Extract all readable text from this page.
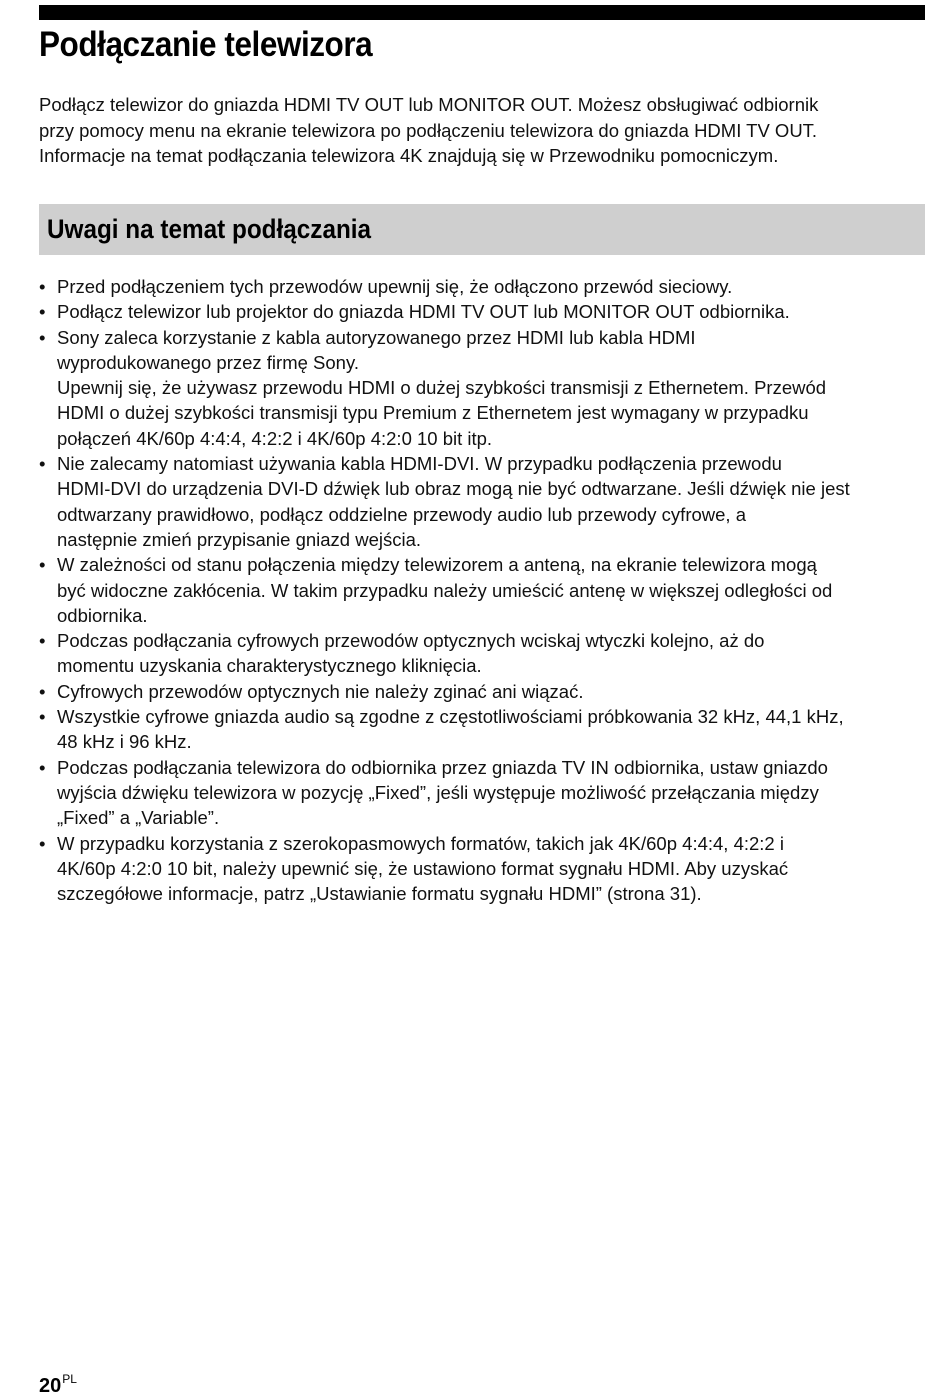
Podłączanie telewizora

Podłącz telewizor do gniazda HDMI TV OUT lub MONITOR OUT. Możesz obsługiwać odbiornik
przy pomocy menu na ekranie telewizora po podłączeniu telewizora do gniazda HDMI TV OUT.
Informacje na temat podłączania telewizora 4K znajdują się w Przewodniku pomocniczym.

Uwagi na temat podłączania
• Przed podłączeniem tych przewodów upewnij się, że odłączono przewód sieciowy.
• Podłącz telewizor lub projektor do gniazda HDMI TV OUT lub MONITOR OUT odbiornika.
• Sony zaleca korzystanie z kabla autoryzowanego przez HDMI lub kabla HDMI
wyprodukowanego przez firmę Sony.
Upewnij się, że używasz przewodu HDMI o dużej szybkości transmisji z Ethernetem. Przewód
HDMI o dużej szybkości transmisji typu Premium z Ethernetem jest wymagany w przypadku
połączeń 4K/60p 4:4:4, 4:2:2 i 4K/60p 4:2:0 10 bit itp.
• Nie zalecamy natomiast używania kabla HDMI-DVI. W przypadku podłączenia przewodu
HDMI-DVI do urządzenia DVI-D dźwięk lub obraz mogą nie być odtwarzane. Jeśli dźwięk nie jest
odtwarzany prawidłowo, podłącz oddzielne przewody audio lub przewody cyfrowe, a
następnie zmień przypisanie gniazd wejścia.
• W zależności od stanu połączenia między telewizorem a anteną, na ekranie telewizora mogą
być widoczne zakłócenia. W takim przypadku należy umieścić antenę w większej odległości od
odbiornika.
• Podczas podłączania cyfrowych przewodów optycznych wciskaj wtyczki kolejno, aż do
momentu uzyskania charakterystycznego kliknięcia.
• Cyfrowych przewodów optycznych nie należy zginać ani wiązać.
• Wszystkie cyfrowe gniazda audio są zgodne z częstotliwościami próbkowania 32 kHz, 44,1 kHz,
48 kHz i 96 kHz.
• Podczas podłączania telewizora do odbiornika przez gniazda TV IN odbiornika, ustaw gniazdo
wyjścia dźwięku telewizora w pozycję „Fixed”, jeśli występuje możliwość przełączania między
„Fixed” a „Variable”.
• W przypadku korzystania z szerokopasmowych formatów, takich jak 4K/60p 4:4:4, 4:2:2 i
4K/60p 4:2:0 10 bit, należy upewnić się, że ustawiono format sygnału HDMI. Aby uzyskać
szczegółowe informacje, patrz „Ustawianie formatu sygnału HDMI” (strona 31).
$20^{PL}$
